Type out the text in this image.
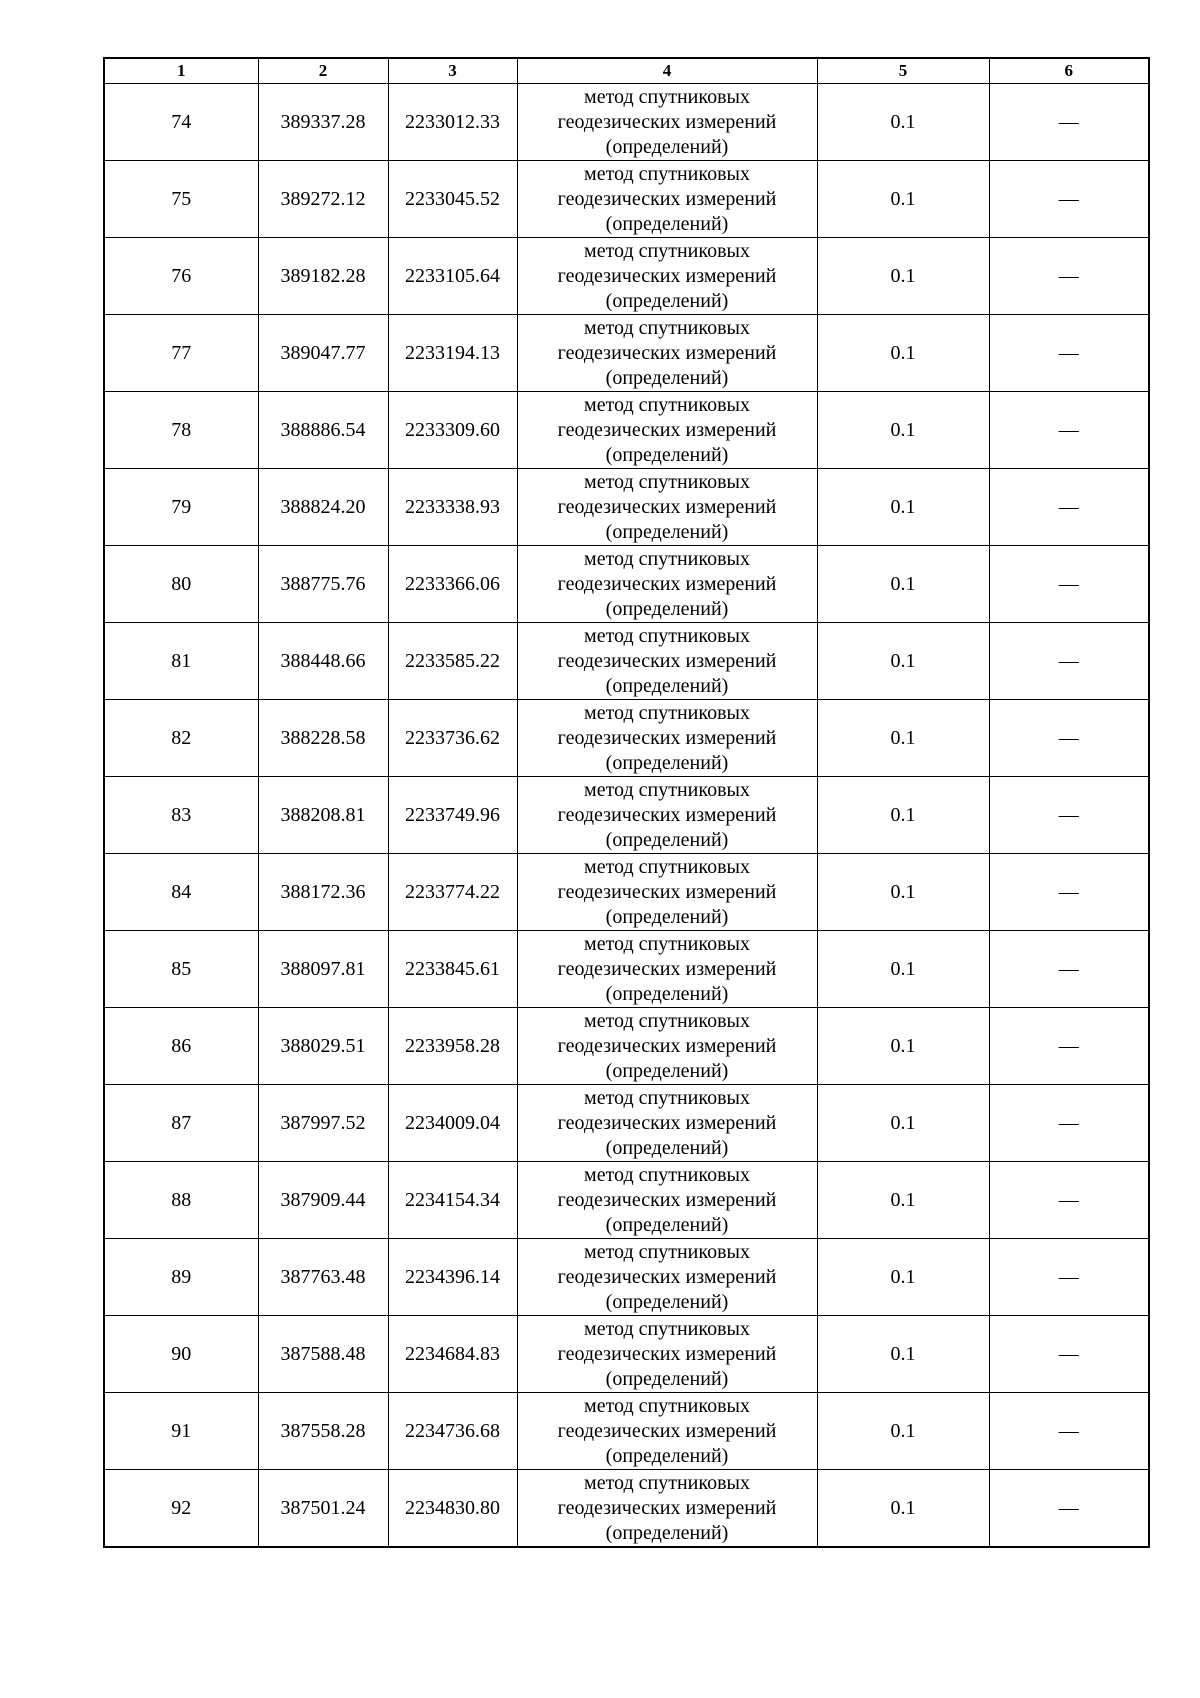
1	2	3	4	5	6
74	389337.28	2233012.33	метод спутниковых геодезических измерений (определений)	0.1	—
75	389272.12	2233045.52	метод спутниковых геодезических измерений (определений)	0.1	—
76	389182.28	2233105.64	метод спутниковых геодезических измерений (определений)	0.1	—
77	389047.77	2233194.13	метод спутниковых геодезических измерений (определений)	0.1	—
78	388886.54	2233309.60	метод спутниковых геодезических измерений (определений)	0.1	—
79	388824.20	2233338.93	метод спутниковых геодезических измерений (определений)	0.1	—
80	388775.76	2233366.06	метод спутниковых геодезических измерений (определений)	0.1	—
81	388448.66	2233585.22	метод спутниковых геодезических измерений (определений)	0.1	—
82	388228.58	2233736.62	метод спутниковых геодезических измерений (определений)	0.1	—
83	388208.81	2233749.96	метод спутниковых геодезических измерений (определений)	0.1	—
84	388172.36	2233774.22	метод спутниковых геодезических измерений (определений)	0.1	—
85	388097.81	2233845.61	метод спутниковых геодезических измерений (определений)	0.1	—
86	388029.51	2233958.28	метод спутниковых геодезических измерений (определений)	0.1	—
87	387997.52	2234009.04	метод спутниковых геодезических измерений (определений)	0.1	—
88	387909.44	2234154.34	метод спутниковых геодезических измерений (определений)	0.1	—
89	387763.48	2234396.14	метод спутниковых геодезических измерений (определений)	0.1	—
90	387588.48	2234684.83	метод спутниковых геодезических измерений (определений)	0.1	—
91	387558.28	2234736.68	метод спутниковых геодезических измерений (определений)	0.1	—
92	387501.24	2234830.80	метод спутниковых геодезических измерений (определений)	0.1	—
